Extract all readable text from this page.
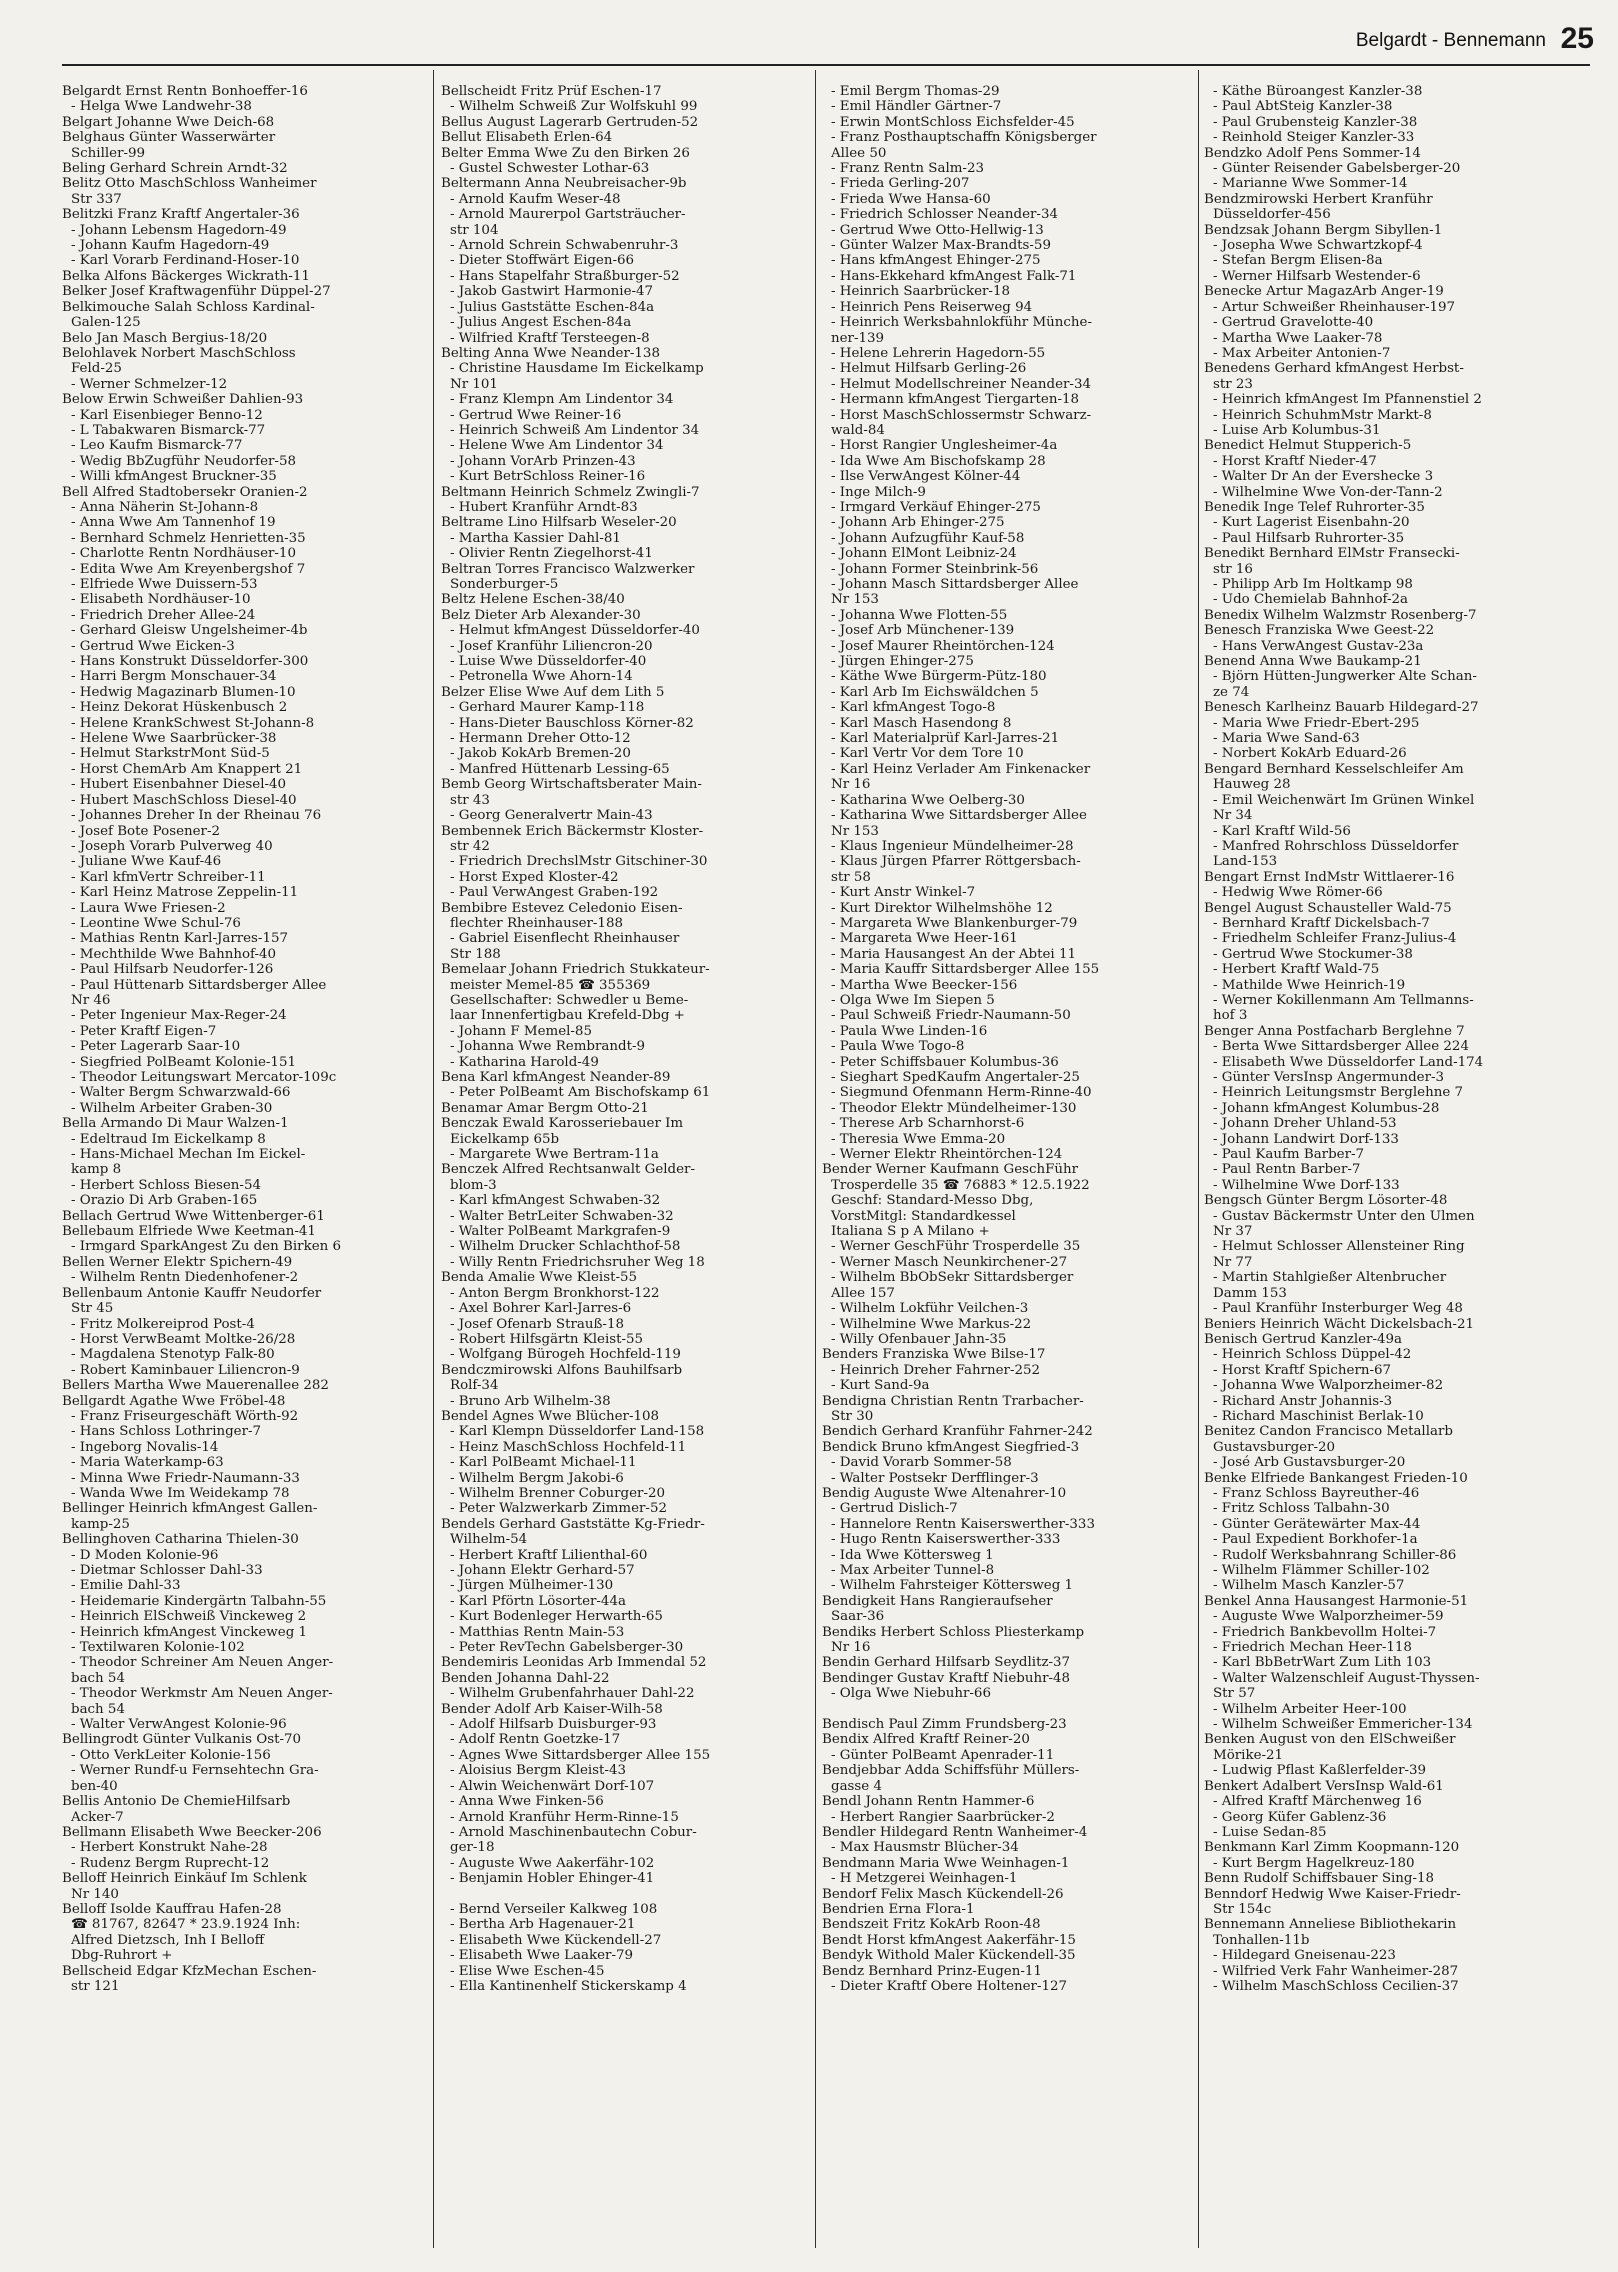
Belgardt - Bennemann 25
Belgardt Ernst Rentn Bonhoeffer-16
- Helga Wwe Landwehr-38
Belgart Johanne Wwe Deich-68
Belghaus Günter Wasserwärter
Schiller-99
Beling Gerhard Schrein Arndt-32
Belitz Otto MaschSchloss Wanheimer
Str 337
Belitzki Franz Kraftf Angertaler-36
- Johann Lebensm Hagedorn-49
- Johann Kaufm Hagedorn-49
- Karl Vorarb Ferdinand-Hoser-10
Belka Alfons Bäckerges Wickrath-11
Belker Josef Kraftwagenführ Düppel-27
Belkimouche Salah Schloss Kardinal-
Galen-125
Belo Jan Masch Bergius-18/20
Belohlavek Norbert MaschSchloss
Feld-25
- Werner Schmelzer-12
Below Erwin Schweißer Dahlien-93
- Karl Eisenbieger Benno-12
- L Tabakwaren Bismarck-77
- Leo Kaufm Bismarck-77
- Wedig BbZugführ Neudorfer-58
- Willi kfmAngest Bruckner-35
Bell Alfred Stadtobersekr Oranien-2
- Anna Näherin St-Johann-8
- Anna Wwe Am Tannenhof 19
- Bernhard Schmelz Henrietten-35
- Charlotte Rentn Nordhäuser-10
- Edita Wwe Am Kreyenbergshof 7
- Elfriede Wwe Duissern-53
- Elisabeth Nordhäuser-10
- Friedrich Dreher Allee-24
- Gerhard Gleisw Ungelsheimer-4b
- Gertrud Wwe Eicken-3
- Hans Konstrukt Düsseldorfer-300
- Harri Bergm Monschauer-34
- Hedwig Magazinarb Blumen-10
- Heinz Dekorat Hüskenbusch 2
- Helene KrankSchwest St-Johann-8
- Helene Wwe Saarbrücker-38
- Helmut StarkstrMont Süd-5
- Horst ChemArb Am Knappert 21
- Hubert Eisenbahner Diesel-40
- Hubert MaschSchloss Diesel-40
- Johannes Dreher In der Rheinau 76
- Josef Bote Posener-2
- Joseph Vorarb Pulverweg 40
- Juliane Wwe Kauf-46
- Karl kfmVertr Schreiber-11
- Karl Heinz Matrose Zeppelin-11
- Laura Wwe Friesen-2
- Leontine Wwe Schul-76
- Mathias Rentn Karl-Jarres-157
- Mechthilde Wwe Bahnhof-40
- Paul Hilfsarb Neudorfer-126
- Paul Hüttenarb Sittardsberger Allee
Nr 46
- Peter Ingenieur Max-Reger-24
- Peter Kraftf Eigen-7
- Peter Lagerarb Saar-10
- Siegfried PolBeamt Kolonie-151
- Theodor Leitungswart Mercator-109c
- Walter Bergm Schwarzwald-66
- Wilhelm Arbeiter Graben-30
Bella Armando Di Maur Walzen-1
- Edeltraud Im Eickelkamp 8
- Hans-Michael Mechan Im Eickel-
kamp 8
- Herbert Schloss Biesen-54
- Orazio Di Arb Graben-165
Bellach Gertrud Wwe Wittenberger-61
Bellebaum Elfriede Wwe Keetman-41
- Irmgard SparkAngest Zu den Birken 6
Bellen Werner Elektr Spichern-49
- Wilhelm Rentn Diedenhofener-2
Bellenbaum Antonie Kauffr Neudorfer
Str 45
- Fritz Molkereiprod Post-4
- Horst VerwBeamt Moltke-26/28
- Magdalena Stenotyp Falk-80
- Robert Kaminbauer Liliencron-9
Bellers Martha Wwe Mauerenallee 282
Bellgardt Agathe Wwe Fröbel-48
- Franz Friseurgeschäft Wörth-92
- Hans Schloss Lothringer-7
- Ingeborg Novalis-14
- Maria Waterkamp-63
- Minna Wwe Friedr-Naumann-33
- Wanda Wwe Im Weidekamp 78
Bellinger Heinrich kfmAngest Gallen-
kamp-25
Bellinghoven Catharina Thielen-30
- D Moden Kolonie-96
- Dietmar Schlosser Dahl-33
- Emilie Dahl-33
- Heidemarie Kindergärtn Talbahn-55
- Heinrich ElSchweiß Vinckeweg 2
- Heinrich kfmAngest Vinckeweg 1
- Textilwaren Kolonie-102
- Theodor Schreiner Am Neuen Anger-
bach 54
- Theodor Werkmstr Am Neuen Anger-
bach 54
- Walter VerwAngest Kolonie-96
Bellingrodt Günter Vulkanis Ost-70
- Otto VerkLeiter Kolonie-156
- Werner Rundf-u Fernsehtechn Gra-
ben-40
Bellis Antonio De ChemieHilfsarb
Acker-7
Bellmann Elisabeth Wwe Beecker-206
- Herbert Konstrukt Nahe-28
- Rudenz Bergm Ruprecht-12
Belloff Heinrich Einkäuf Im Schlenk
Nr 140
Belloff Isolde Kauffrau Hafen-28
☎ 81767, 82647 * 23.9.1924 Inh:
Alfred Dietzsch, Inh I Belloff
Dbg-Ruhrort +
Bellscheid Edgar KfzMechan Eschen-
str 121
Bellscheidt Fritz Prüf Eschen-17
- Wilhelm Schweiß Zur Wolfskuhl 99
Bellus August Lagerarb Gertruden-52
Bellut Elisabeth Erlen-64
Belter Emma Wwe Zu den Birken 26
- Gustel Schwester Lothar-63
Beltermann Anna Neubreisacher-9b
- Arnold Kaufm Weser-48
- Arnold Maurerpol Gartsträucher-
str 104
- Arnold Schrein Schwabenruhr-3
- Dieter Stoffwärt Eigen-66
- Hans Stapelfahr Straßburger-52
- Jakob Gastwirt Harmonie-47
- Julius Gaststätte Eschen-84a
- Julius Angest Eschen-84a
- Wilfried Kraftf Tersteegen-8
Belting Anna Wwe Neander-138
- Christine Hausdame Im Eickelkamp
Nr 101
- Franz Klempn Am Lindentor 34
- Gertrud Wwe Reiner-16
- Heinrich Schweiß Am Lindentor 34
- Helene Wwe Am Lindentor 34
- Johann VorArb Prinzen-43
- Kurt BetrSchloss Reiner-16
Beltmann Heinrich Schmelz Zwingli-7
- Hubert Kranführ Arndt-83
Beltrame Lino Hilfsarb Weseler-20
- Martha Kassier Dahl-81
- Olivier Rentn Ziegelhorst-41
Beltran Torres Francisco Walzwerker
Sonderburger-5
Beltz Helene Eschen-38/40
Belz Dieter Arb Alexander-30
- Helmut kfmAngest Düsseldorfer-40
- Josef Kranführ Liliencron-20
- Luise Wwe Düsseldorfer-40
- Petronella Wwe Ahorn-14
Belzer Elise Wwe Auf dem Lith 5
- Gerhard Maurer Kamp-118
- Hans-Dieter Bauschloss Körner-82
- Hermann Dreher Otto-12
- Jakob KokArb Bremen-20
- Manfred Hüttenarb Lessing-65
Bemb Georg Wirtschaftsberater Main-
str 43
- Georg Generalvertr Main-43
Bembennek Erich Bäckermstr Kloster-
str 42
- Friedrich DrechslMstr Gitschiner-30
- Horst Exped Kloster-42
- Paul VerwAngest Graben-192
Bembibre Estevez Celedonio Eisen-
flechter Rheinhauser-188
- Gabriel Eisenflecht Rheinhauser
Str 188
Bemelaar Johann Friedrich Stukkateur-
meister Memel-85 ☎ 355369
Gesellschafter: Schwedler u Beme-
laar Innenfertigbau Krefeld-Dbg +
- Johann F Memel-85
- Johanna Wwe Rembrandt-9
- Katharina Harold-49
Bena Karl kfmAngest Neander-89
- Peter PolBeamt Am Bischofskamp 61
Benamar Amar Bergm Otto-21
Benczak Ewald Karosseriebauer Im
Eickelkamp 65b
- Margarete Wwe Bertram-11a
Benczek Alfred Rechtsanwalt Gelder-
blom-3
- Karl kfmAngest Schwaben-32
- Walter BetrLeiter Schwaben-32
- Walter PolBeamt Markgrafen-9
- Wilhelm Drucker Schlachthof-58
- Willy Rentn Friedrichsruher Weg 18
Benda Amalie Wwe Kleist-55
- Anton Bergm Bronkhorst-122
- Axel Bohrer Karl-Jarres-6
- Josef Ofenarb Strauß-18
- Robert Hilfsgärtn Kleist-55
- Wolfgang Bürogeh Hochfeld-119
Bendczmirowski Alfons Bauhilfsarb
Rolf-34
- Bruno Arb Wilhelm-38
Bendel Agnes Wwe Blücher-108
- Karl Klempn Düsseldorfer Land-158
- Heinz MaschSchloss Hochfeld-11
- Karl PolBeamt Michael-11
- Wilhelm Bergm Jakobi-6
- Wilhelm Brenner Coburger-20
- Peter Walzwerkarb Zimmer-52
Bendels Gerhard Gaststätte Kg-Friedr-
Wilhelm-54
- Herbert Kraftf Lilienthal-60
- Johann Elektr Gerhard-57
- Jürgen Mülheimer-130
- Karl Pförtn Lösorter-44a
- Kurt Bodenleger Herwarth-65
- Matthias Rentn Main-53
- Peter RevTechn Gabelsberger-30
Bendemiris Leonidas Arb Immendal 52
Benden Johanna Dahl-22
- Wilhelm Grubenfahrhauer Dahl-22
Bender Adolf Arb Kaiser-Wilh-58
- Adolf Hilfsarb Duisburger-93
- Adolf Rentn Goetzke-17
- Agnes Wwe Sittardsberger Allee 155
- Aloisius Bergm Kleist-43
- Alwin Weichenwärt Dorf-107
- Anna Wwe Finken-56
- Arnold Kranführ Herm-Rinne-15
- Arnold Maschinenbautechn Cobur-
ger-18
- Auguste Wwe Aakerfähr-102
- Benjamin Hobler Ehinger-41

- Bernd Verseiler Kalkweg 108
- Bertha Arb Hagenauer-21
- Elisabeth Wwe Kückendell-27
- Elisabeth Wwe Laaker-79
- Elise Wwe Eschen-45
- Ella Kantinenhelf Stickerskamp 4
- Emil Bergm Thomas-29
- Emil Händler Gärtner-7
- Erwin MontSchloss Eichsfelder-45
- Franz Posthauptschaffn Königsberger
Allee 50
- Franz Rentn Salm-23
- Frieda Gerling-207
- Frieda Wwe Hansa-60
- Friedrich Schlosser Neander-34
- Gertrud Wwe Otto-Hellwig-13
- Günter Walzer Max-Brandts-59
- Hans kfmAngest Ehinger-275
- Hans-Ekkehard kfmAngest Falk-71
- Heinrich Saarbrücker-18
- Heinrich Pens Reiserweg 94
- Heinrich Werksbahnlokführ Münche-
ner-139
- Helene Lehrerin Hagedorn-55
- Helmut Hilfsarb Gerling-26
- Helmut Modellschreiner Neander-34
- Hermann kfmAngest Tiergarten-18
- Horst MaschSchlossermstr Schwarz-
wald-84
- Horst Rangier Unglesheimer-4a
- Ida Wwe Am Bischofskamp 28
- Ilse VerwAngest Kölner-44
- Inge Milch-9
- Irmgard Verkäuf Ehinger-275
- Johann Arb Ehinger-275
- Johann Aufzugführ Kauf-58
- Johann ElMont Leibniz-24
- Johann Former Steinbrink-56
- Johann Masch Sittardsberger Allee
Nr 153
- Johanna Wwe Flotten-55
- Josef Arb Münchener-139
- Josef Maurer Rheintörchen-124
- Jürgen Ehinger-275
- Käthe Wwe Bürgerm-Pütz-180
- Karl Arb Im Eichswäldchen 5
- Karl kfmAngest Togo-8
- Karl Masch Hasendong 8
- Karl Materialprüf Karl-Jarres-21
- Karl Vertr Vor dem Tore 10
- Karl Heinz Verlader Am Finkenacker
Nr 16
- Katharina Wwe Oelberg-30
- Katharina Wwe Sittardsberger Allee
Nr 153
- Klaus Ingenieur Mündelheimer-28
- Klaus Jürgen Pfarrer Röttgersbach-
str 58
- Kurt Anstr Winkel-7
- Kurt Direktor Wilhelmshöhe 12
- Margareta Wwe Blankenburger-79
- Margareta Wwe Heer-161
- Maria Hausangest An der Abtei 11
- Maria Kauffr Sittardsberger Allee 155
- Martha Wwe Beecker-156
- Olga Wwe Im Siepen 5
- Paul Schweiß Friedr-Naumann-50
- Paula Wwe Linden-16
- Paula Wwe Togo-8
- Peter Schiffsbauer Kolumbus-36
- Sieghart SpedKaufm Angertaler-25
- Siegmund Ofenmann Herm-Rinne-40
- Theodor Elektr Mündelheimer-130
- Therese Arb Scharnhorst-6
- Theresia Wwe Emma-20
- Werner Elektr Rheintörchen-124
Bender Werner Kaufmann GeschFühr
Trosperdelle 35 ☎ 76883 * 12.5.1922
Geschf: Standard-Messo Dbg,
VorstMitgl: Standardkessel
Italiana S p A Milano +
- Werner GeschFühr Trosperdelle 35
- Werner Masch Neunkirchener-27
- Wilhelm BbObSekr Sittardsberger
Allee 157
- Wilhelm Lokführ Veilchen-3
- Wilhelmine Wwe Markus-22
- Willy Ofenbauer Jahn-35
Benders Franziska Wwe Bilse-17
- Heinrich Dreher Fahrner-252
- Kurt Sand-9a
Bendigna Christian Rentn Trarbacher-
Str 30
Bendich Gerhard Kranführ Fahrner-242
Bendick Bruno kfmAngest Siegfried-3
- David Vorarb Sommer-58
- Walter Postsekr Derfflinger-3
Bendig Auguste Wwe Altenahrer-10
- Gertrud Dislich-7
- Hannelore Rentn Kaiserswerther-333
- Hugo Rentn Kaiserswerther-333
- Ida Wwe Köttersweg 1
- Max Arbeiter Tunnel-8
- Wilhelm Fahrsteiger Köttersweg 1
Bendigkeit Hans Rangieraufseher
Saar-36
Bendiks Herbert Schloss Pliesterkamp
Nr 16
Bendin Gerhard Hilfsarb Seydlitz-37
Bendinger Gustav Kraftf Niebuhr-48
- Olga Wwe Niebuhr-66

Bendisch Paul Zimm Frundsberg-23
Bendix Alfred Kraftf Reiner-20
- Günter PolBeamt Apenrader-11
Bendjebbar Adda Schiffsführ Müllers-
gasse 4
Bendl Johann Rentn Hammer-6
- Herbert Rangier Saarbrücker-2
Bendler Hildegard Rentn Wanheimer-4
- Max Hausmstr Blücher-34
Bendmann Maria Wwe Weinhagen-1
- H Metzgerei Weinhagen-1
Bendorf Felix Masch Kückendell-26
Bendrien Erna Flora-1
Bendszeit Fritz KokArb Roon-48
Bendt Horst kfmAngest Aakerfähr-15
Bendyk Withold Maler Kückendell-35
Bendz Bernhard Prinz-Eugen-11
- Dieter Kraftf Obere Holtener-127
- Käthe Büroangest Kanzler-38
- Paul AbtSteig Kanzler-38
- Paul Grubensteig Kanzler-38
- Reinhold Steiger Kanzler-33
Bendzko Adolf Pens Sommer-14
- Günter Reisender Gabelsberger-20
- Marianne Wwe Sommer-14
Bendzmirowski Herbert Kranführ
Düsseldorfer-456
Bendzsak Johann Bergm Sibyllen-1
- Josepha Wwe Schwartzkopf-4
- Stefan Bergm Elisen-8a
- Werner Hilfsarb Westender-6
Benecke Artur MagazArb Anger-19
- Artur Schweißer Rheinhauser-197
- Gertrud Gravelotte-40
- Martha Wwe Laaker-78
- Max Arbeiter Antonien-7
Benedens Gerhard kfmAngest Herbst-
str 23
- Heinrich kfmAngest Im Pfannenstiel 2
- Heinrich SchuhmMstr Markt-8
- Luise Arb Kolumbus-31
Benedict Helmut Stupperich-5
- Horst Kraftf Nieder-47
- Walter Dr An der Evershecke 3
- Wilhelmine Wwe Von-der-Tann-2
Benedik Inge Telef Ruhrorter-35
- Kurt Lagerist Eisenbahn-20
- Paul Hilfsarb Ruhrorter-35
Benedikt Bernhard ElMstr Fransecki-
str 16
- Philipp Arb Im Holtkamp 98
- Udo Chemielab Bahnhof-2a
Benedix Wilhelm Walzmstr Rosenberg-7
Benesch Franziska Wwe Geest-22
- Hans VerwAngest Gustav-23a
Benend Anna Wwe Baukamp-21
- Björn Hütten-Jungwerker Alte Schan-
ze 74
Benesch Karlheinz Bauarb Hildegard-27
- Maria Wwe Friedr-Ebert-295
- Maria Wwe Sand-63
- Norbert KokArb Eduard-26
Bengard Bernhard Kesselschleifer Am
Hauweg 28
- Emil Weichenwärt Im Grünen Winkel
Nr 34
- Karl Kraftf Wild-56
- Manfred Rohrschloss Düsseldorfer
Land-153
Bengart Ernst IndMstr Wittlaerer-16
- Hedwig Wwe Römer-66
Bengel August Schausteller Wald-75
- Bernhard Kraftf Dickelsbach-7
- Friedhelm Schleifer Franz-Julius-4
- Gertrud Wwe Stockumer-38
- Herbert Kraftf Wald-75
- Mathilde Wwe Heinrich-19
- Werner Kokillenmann Am Tellmanns-
hof 3
Benger Anna Postfacharb Berglehne 7
- Berta Wwe Sittardsberger Allee 224
- Elisabeth Wwe Düsseldorfer Land-174
- Günter VersInsp Angermunder-3
- Heinrich Leitungsmstr Berglehne 7
- Johann kfmAngest Kolumbus-28
- Johann Dreher Uhland-53
- Johann Landwirt Dorf-133
- Paul Kaufm Barber-7
- Paul Rentn Barber-7
- Wilhelmine Wwe Dorf-133
Bengsch Günter Bergm Lösorter-48
- Gustav Bäckermstr Unter den Ulmen
Nr 37
- Helmut Schlosser Allensteiner Ring
Nr 77
- Martin Stahlgießer Altenbrucher
Damm 153
- Paul Kranführ Insterburger Weg 48
Beniers Heinrich Wächt Dickelsbach-21
Benisch Gertrud Kanzler-49a
- Heinrich Schloss Düppel-42
- Horst Kraftf Spichern-67
- Johanna Wwe Walporzheimer-82
- Richard Anstr Johannis-3
- Richard Maschinist Berlak-10
Benitez Candon Francisco Metallarb
Gustavsburger-20
- José Arb Gustavsburger-20
Benke Elfriede Bankangest Frieden-10
- Franz Schloss Bayreuther-46
- Fritz Schloss Talbahn-30
- Günter Gerätewärter Max-44
- Paul Expedient Borkhofer-1a
- Rudolf Werksbahnrang Schiller-86
- Wilhelm Flämmer Schiller-102
- Wilhelm Masch Kanzler-57
Benkel Anna Hausangest Harmonie-51
- Auguste Wwe Walporzheimer-59
- Friedrich Bankbevollm Holtei-7
- Friedrich Mechan Heer-118
- Karl BbBetrWart Zum Lith 103
- Walter Walzenschleif August-Thyssen-
Str 57
- Wilhelm Arbeiter Heer-100
- Wilhelm Schweißer Emmericher-134
Benken August von den ElSchweißer
Mörike-21
- Ludwig Pflast Kaßlerfelder-39
Benkert Adalbert VersInsp Wald-61
- Alfred Kraftf Märchenweg 16
- Georg Küfer Gablenz-36
- Luise Sedan-85
Benkmann Karl Zimm Koopmann-120
- Kurt Bergm Hagelkreuz-180
Benn Rudolf Schiffsbauer Sing-18
Benndorf Hedwig Wwe Kaiser-Friedr-
Str 154c
Bennemann Anneliese Bibliothekarin
Tonhallen-11b
- Hildegard Gneisenau-223
- Wilfried Verk Fahr Wanheimer-287
- Wilhelm MaschSchloss Cecilien-37
